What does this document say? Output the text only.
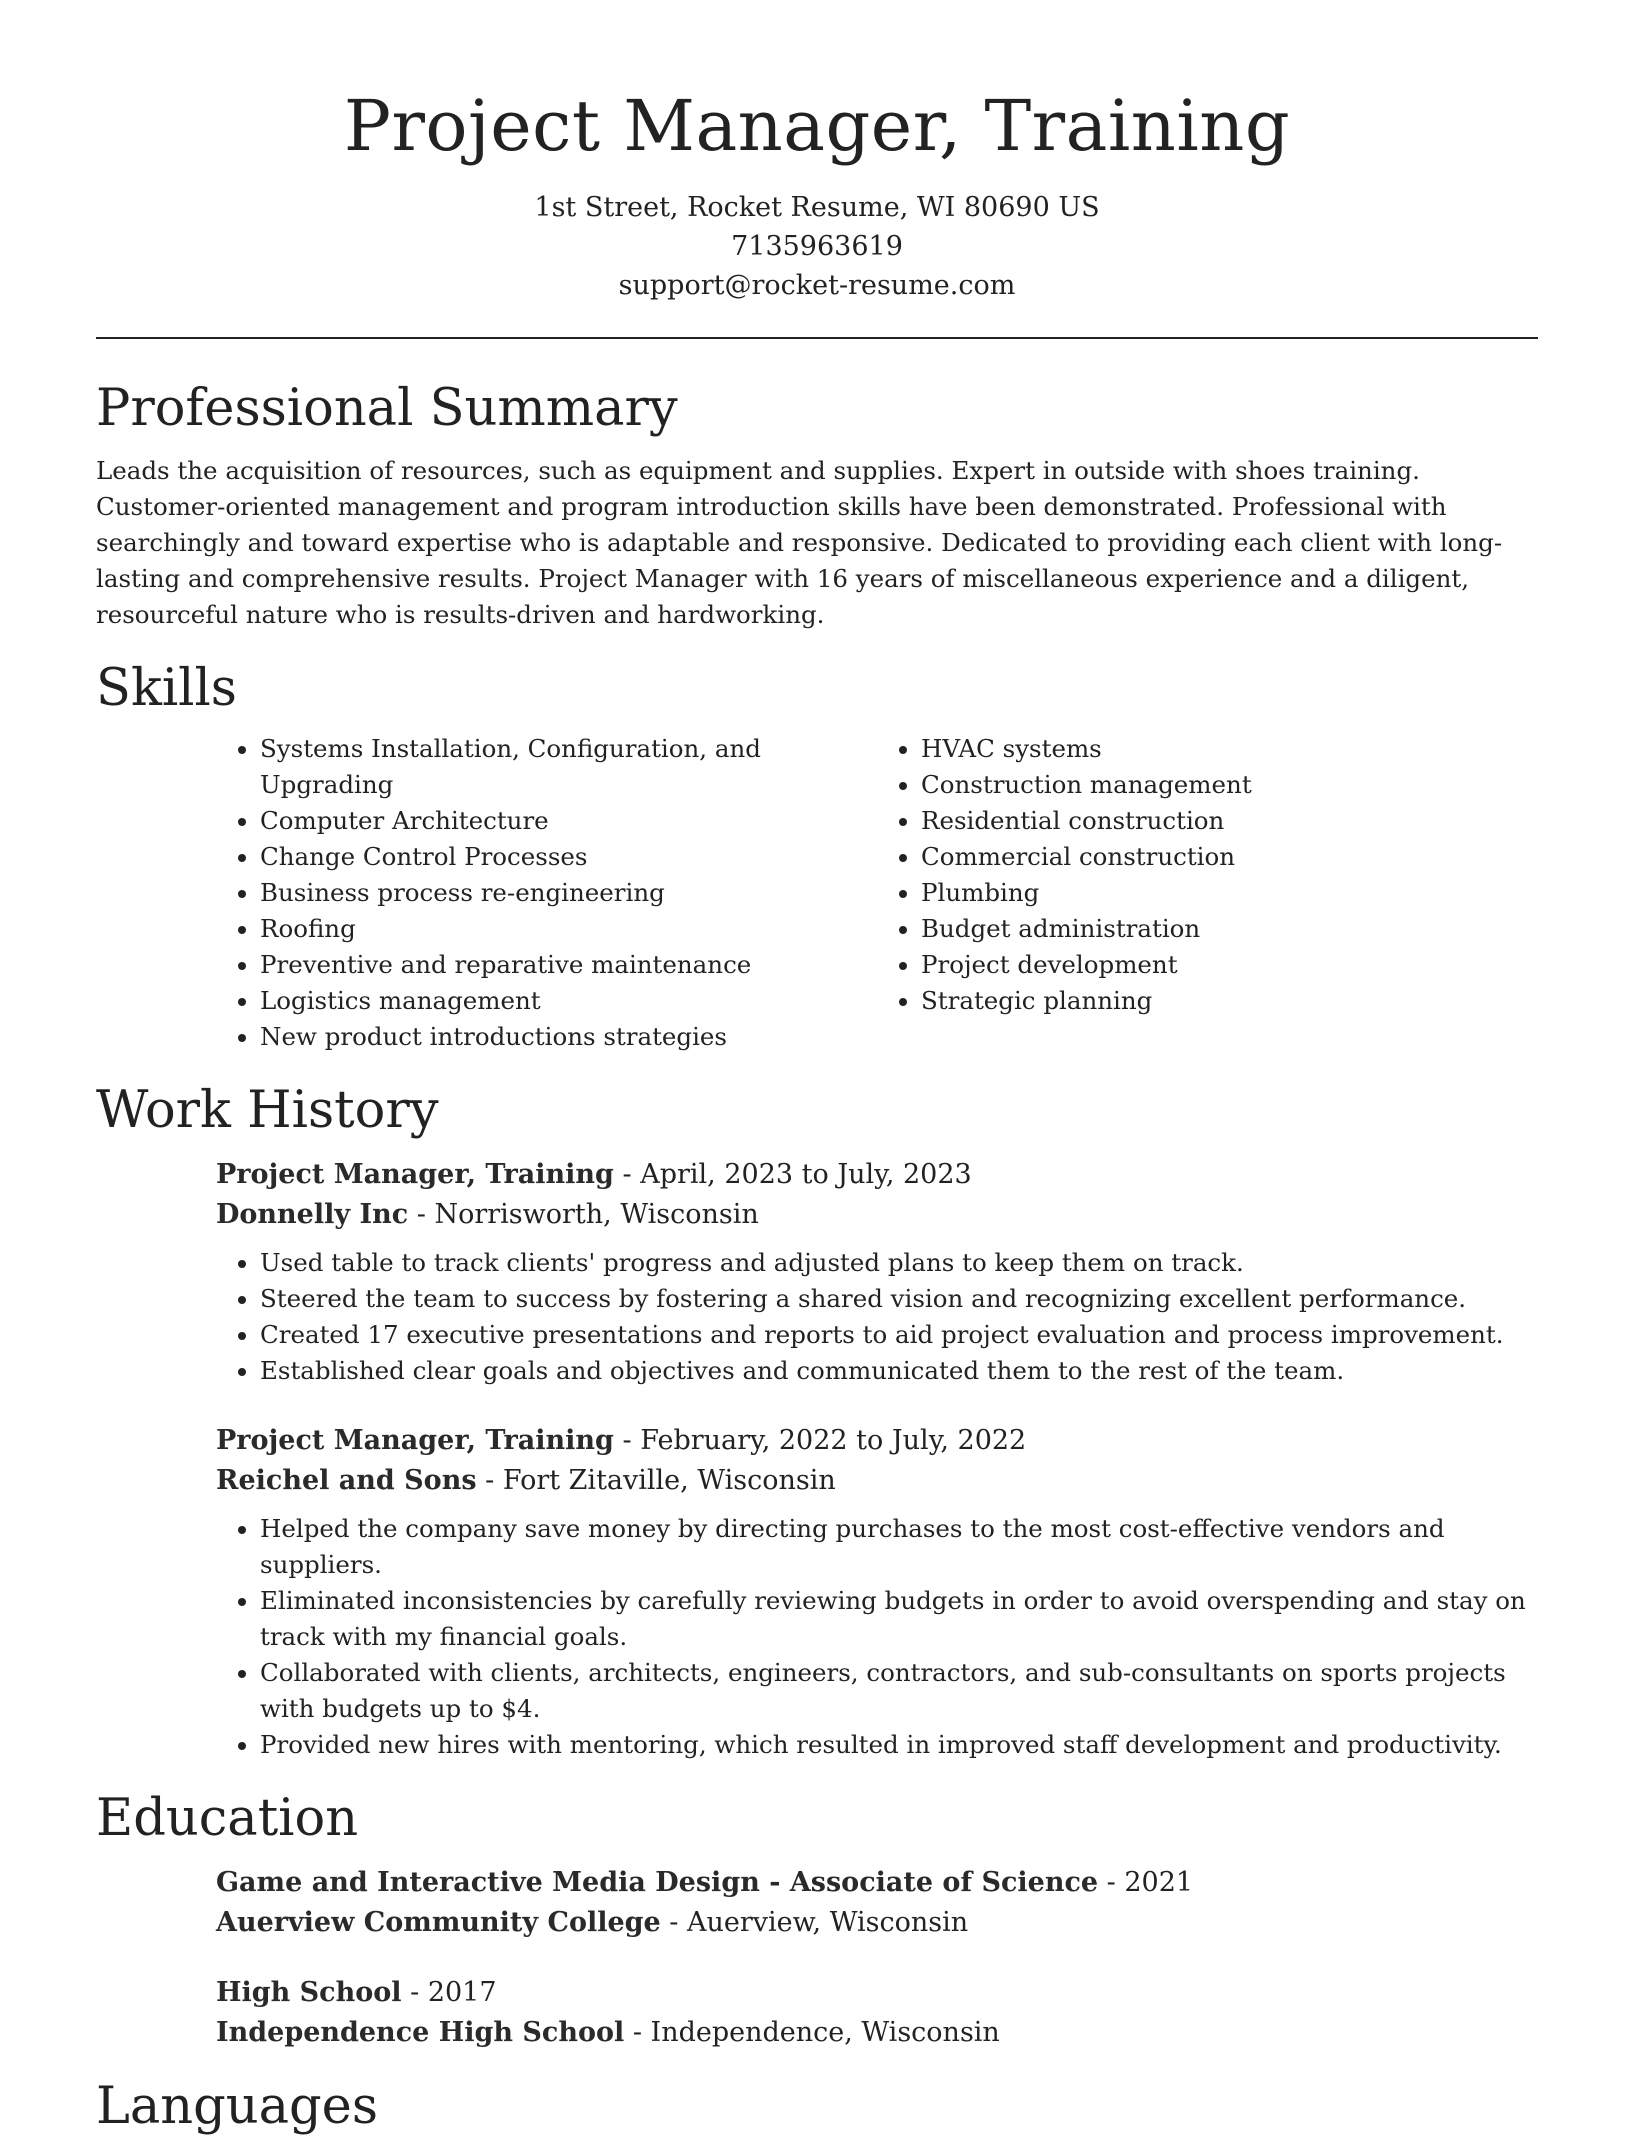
Project Manager, Training
1st Street, Rocket Resume, WI 80690 US
7135963619
support@rocket-resume.com
Professional Summary

Leads the acquisition of resources, such as equipment and supplies. Expert in outside with shoes training. Customer-oriented management and program introduction skills have been demonstrated. Professional with searchingly and toward expertise who is adaptable and responsive. Dedicated to providing each client with long-lasting and comprehensive results. Project Manager with 16 years of miscellaneous experience and a diligent, resourceful nature who is results-driven and hardworking.

Skills
• Systems Installation, Configuration, and Upgrading
• Computer Architecture
• Change Control Processes
• Business process re-engineering
• Roofing
• Preventive and reparative maintenance
• Logistics management
• New product introductions strategies
• HVAC systems
• Construction management
• Residential construction
• Commercial construction
• Plumbing
• Budget administration
• Project development
• Strategic planning
Work History
Project Manager, Training - April, 2023 to July, 2023
Donnelly Inc - Norrisworth, Wisconsin
• Used table to track clients' progress and adjusted plans to keep them on track.
• Steered the team to success by fostering a shared vision and recognizing excellent performance.
• Created 17 executive presentations and reports to aid project evaluation and process improvement.
• Established clear goals and objectives and communicated them to the rest of the team.
Project Manager, Training - February, 2022 to July, 2022
Reichel and Sons - Fort Zitaville, Wisconsin
• Helped the company save money by directing purchases to the most cost-effective vendors and suppliers.
• Eliminated inconsistencies by carefully reviewing budgets in order to avoid overspending and stay on track with my financial goals.
• Collaborated with clients, architects, engineers, contractors, and sub-consultants on sports projects with budgets up to $4.
• Provided new hires with mentoring, which resulted in improved staff development and productivity.
Education
Game and Interactive Media Design - Associate of Science - 2021
Auerview Community College - Auerview, Wisconsin
High School - 2017
Independence High School - Independence, Wisconsin
Languages
